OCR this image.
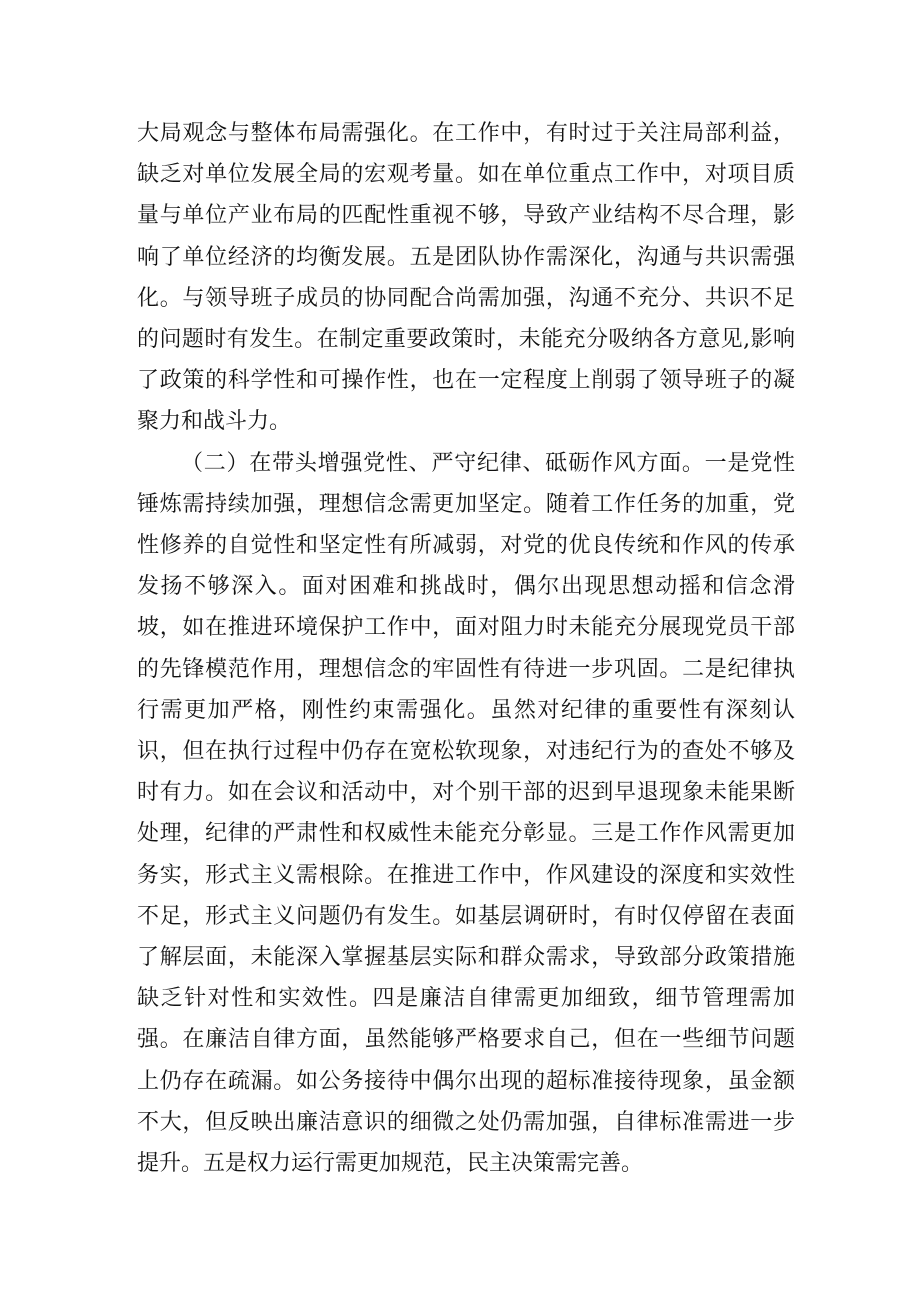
大局观念与整体布局需强化。在工作中，有时过于关注局部利益，缺乏对单位发展全局的宏观考量。如在单位重点工作中，对项目质量与单位产业布局的匹配性重视不够，导致产业结构不尽合理，影响了单位经济的均衡发展。五是团队协作需深化，沟通与共识需强化。与领导班子成员的协同配合尚需加强，沟通不充分、共识不足的问题时有发生。在制定重要政策时，未能充分吸纳各方意见,影响了政策的科学性和可操作性，也在一定程度上削弱了领导班子的凝聚力和战斗力。

（二）在带头增强党性、严守纪律、砥砺作风方面。一是党性锤炼需持续加强，理想信念需更加坚定。随着工作任务的加重，党性修养的自觉性和坚定性有所减弱，对党的优良传统和作风的传承发扬不够深入。面对困难和挑战时，偶尔出现思想动摇和信念滑坡，如在推进环境保护工作中，面对阻力时未能充分展现党员干部的先锋模范作用，理想信念的牢固性有待进一步巩固。二是纪律执行需更加严格，刚性约束需强化。虽然对纪律的重要性有深刻认识，但在执行过程中仍存在宽松软现象，对违纪行为的查处不够及时有力。如在会议和活动中，对个别干部的迟到早退现象未能果断处理，纪律的严肃性和权威性未能充分彰显。三是工作作风需更加务实，形式主义需根除。在推进工作中，作风建设的深度和实效性不足，形式主义问题仍有发生。如基层调研时，有时仅停留在表面了解层面，未能深入掌握基层实际和群众需求，导致部分政策措施缺乏针对性和实效性。四是廉洁自律需更加细致，细节管理需加强。在廉洁自律方面，虽然能够严格要求自己，但在一些细节问题上仍存在疏漏。如公务接待中偶尔出现的超标准接待现象，虽金额不大，但反映出廉洁意识的细微之处仍需加强，自律标准需进一步提升。五是权力运行需更加规范，民主决策需完善。
